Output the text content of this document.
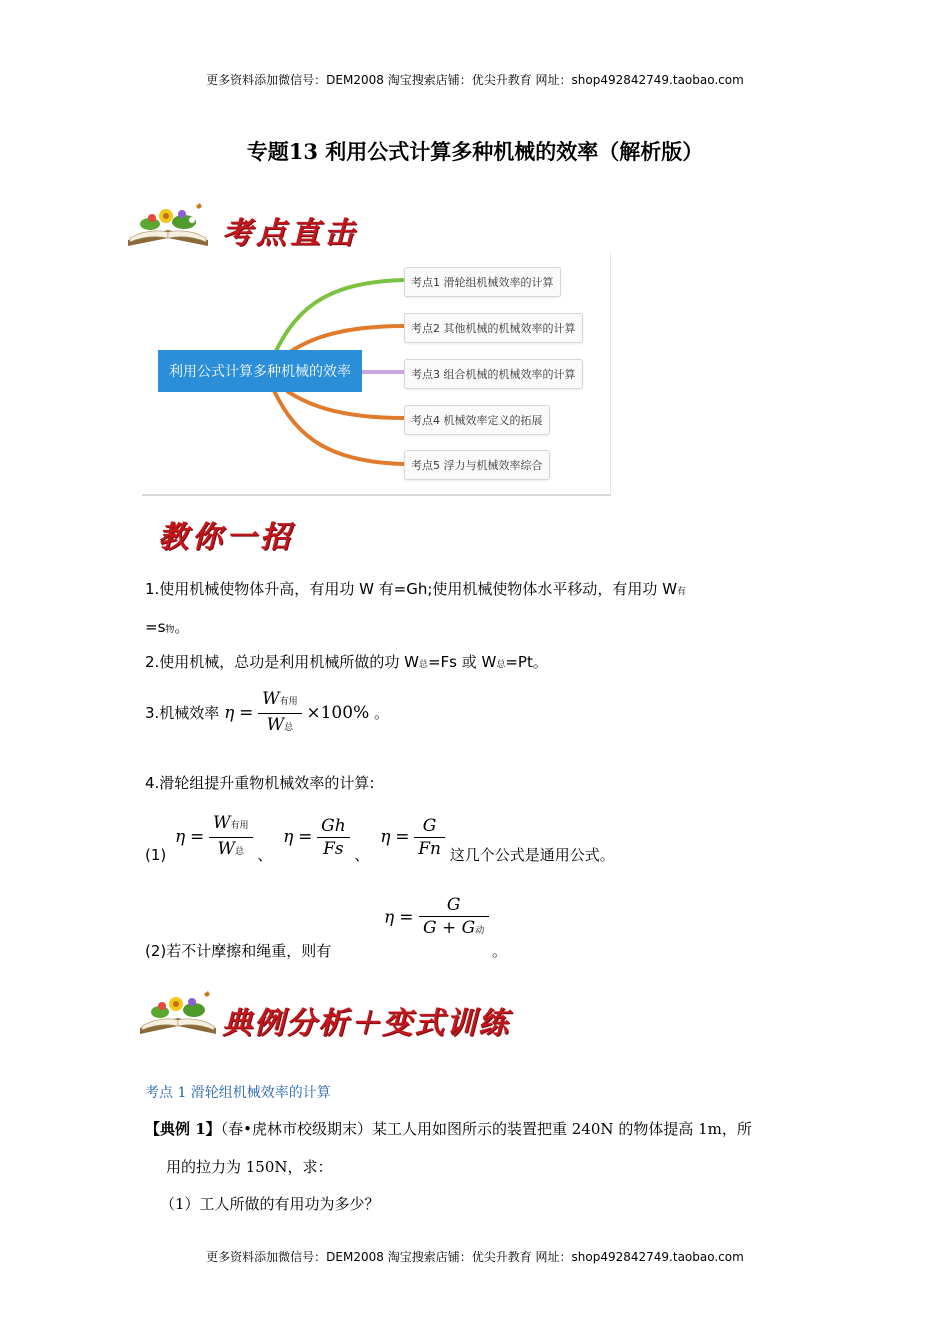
更多资料添加微信号：DEM2008 淘宝搜索店铺：优尖升教育 网址：shop492842749.taobao.com
专题13 利用公式计算多种机械的效率（解析版）
考点直击
利用公式计算多种机械的效率
考点1 滑轮组机械效率的计算
考点2 其他机械的机械效率的计算
考点3 组合机械的机械效率的计算
考点4 机械效率定义的拓展
考点5 浮力与机械效率综合
教你一招
1.使用机械使物体升高，有用功 W 有=Gh;使用机械使物体水平移动，有用功 W有
=s物。
2.使用机械，总功是利用机械所做的功 W总=Fs 或 W总=Pt。
3.机械效率 $\eta = \frac{\text{W有用}}{\text{W总}} \times 100\%$ 。
4.滑轮组提升重物机械效率的计算:
(1) $\eta = \frac{\text{W有用}}{\text{W总}}$ 、 $\eta = \frac{Gh}{Fs}$ 、 $\eta = \frac{G}{Fn}$ 这几个公式是通用公式。
$\eta = \frac{G}{\text{G + G动}}$
(2)若不计摩擦和绳重，则有	。
典例分析＋变式训练
考点 1 滑轮组机械效率的计算
【典例 1】（春•虎林市校级期末）某工人用如图所示的装置把重 240N 的物体提高 1m，所
用的拉力为 150N，求：
（1）工人所做的有用功为多少？
更多资料添加微信号：DEM2008 淘宝搜索店铺：优尖升教育 网址：shop492842749.taobao.com
